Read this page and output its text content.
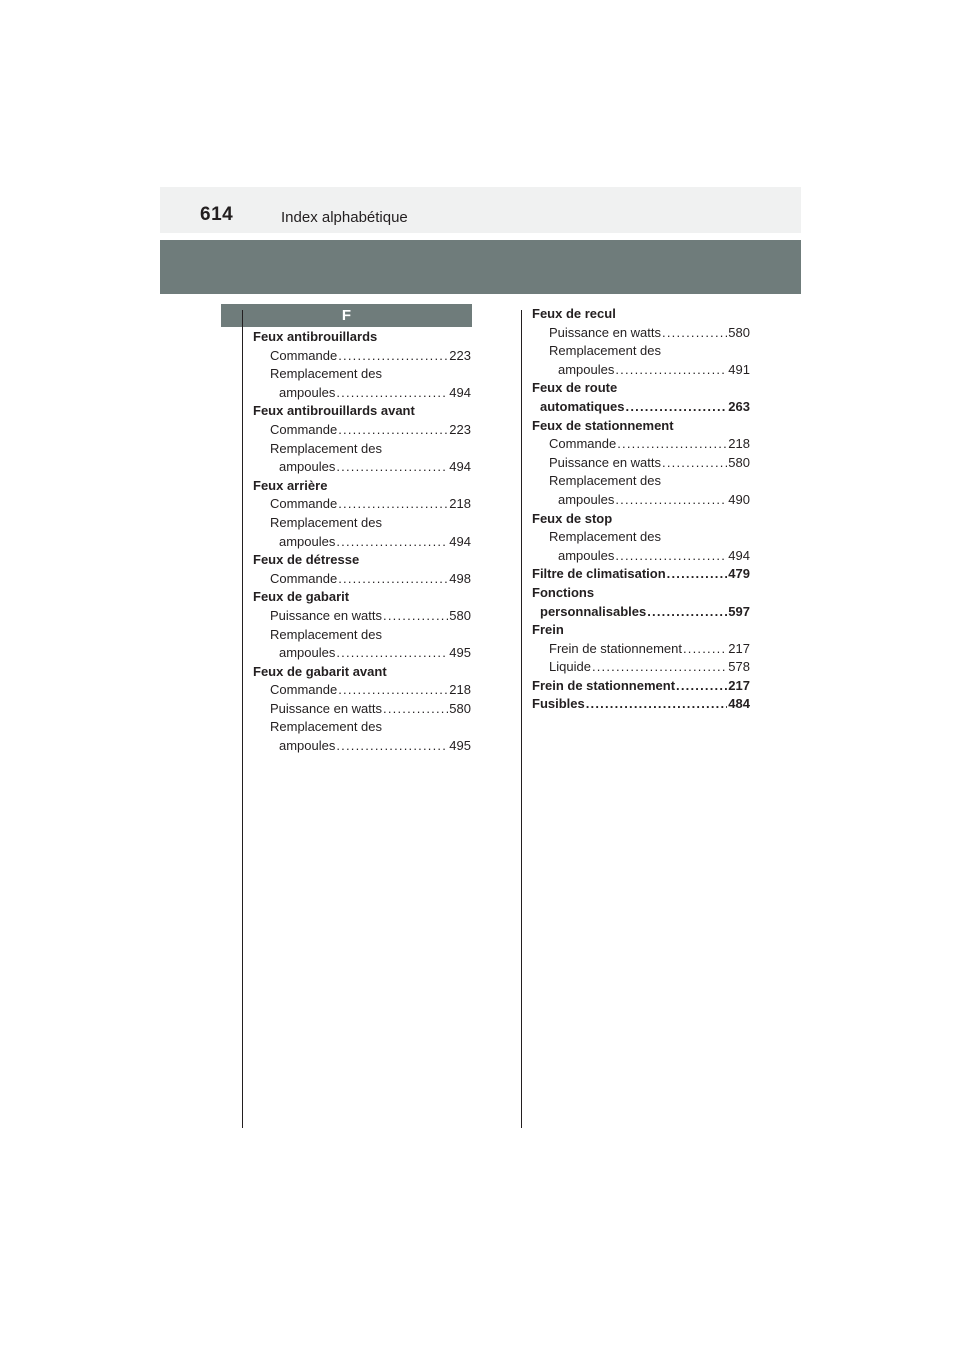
614	Index alphabétique
F
Feux antibrouillards
Commande .....	223
Remplacement des
ampoules .....	494
Feux antibrouillards avant
Commande .....	223
Remplacement des
ampoules .....	494
Feux arrière
Commande .....	218
Remplacement des
ampoules .....	494
Feux de détresse
Commande .....	498
Feux de gabarit
Puissance en watts .....	580
Remplacement des
ampoules .....	495
Feux de gabarit avant
Commande .....	218
Puissance en watts .....	580
Remplacement des
ampoules .....	495
Feux de recul
Puissance en watts .....	580
Remplacement des
ampoules .....	491
Feux de route
automatiques .....	263
Feux de stationnement
Commande .....	218
Puissance en watts .....	580
Remplacement des
ampoules .....	490
Feux de stop
Remplacement des
ampoules .....	494
Filtre de climatisation .....	479
Fonctions
personnalisables .....	597
Frein
Frein de stationnement .....	217
Liquide .....	578
Frein de stationnement .....	217
Fusibles .....	484
